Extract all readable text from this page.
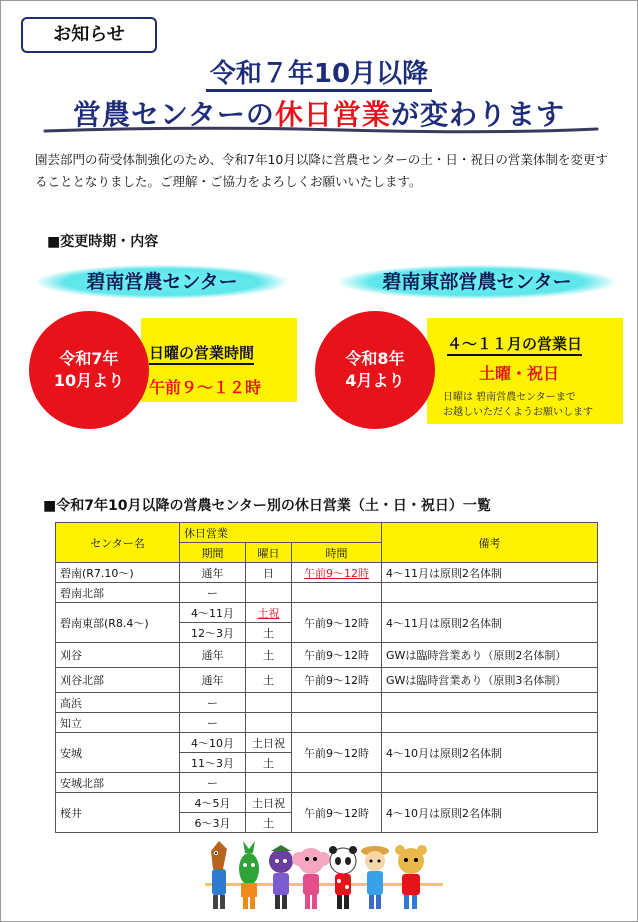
お知らせ
令和７年10月以降
営農センターの休日営業が変わります
園芸部門の荷受体制強化のため、令和7年10月以降に営農センターの土・日・祝日の営業体制を変更することとなりました。ご理解・ご協力をよろしくお願いいたします。
■変更時期・内容
碧南営農センター
日曜の営業時間
午前９～１２時
令和7年
10月より
碧南東部営農センター
４～１１月の営業日
土曜・祝日
日曜は 碧南営農センターまで
お越しいただくようお願いします
令和8年
4月より
■令和7年10月以降の営農センター別の休日営業（土・日・祝日）一覧
センター名	休日営業			備考
	期間	曜日	時間	
碧南(R7.10～)	通年	日	午前9～12時	4～11月は原則2名体制
碧南北部	ー			
碧南東部(R8.4～)	4～11月	土祝	午前9～12時	4～11月は原則2名体制
	12～3月	土		
刈谷	通年	土	午前9～12時	GWは臨時営業あり（原則2名体制）
刈谷北部	通年	土	午前9～12時	GWは臨時営業あり（原則3名体制）
高浜	ー			
知立	ー			
安城	4～10月	土日祝	午前9～12時	4～10月は原則2名体制
	11～3月	土		
安城北部	ー			
桜井	4～5月	土日祝	午前9～12時	4～10月は原則2名体制
	6～3月	土		
